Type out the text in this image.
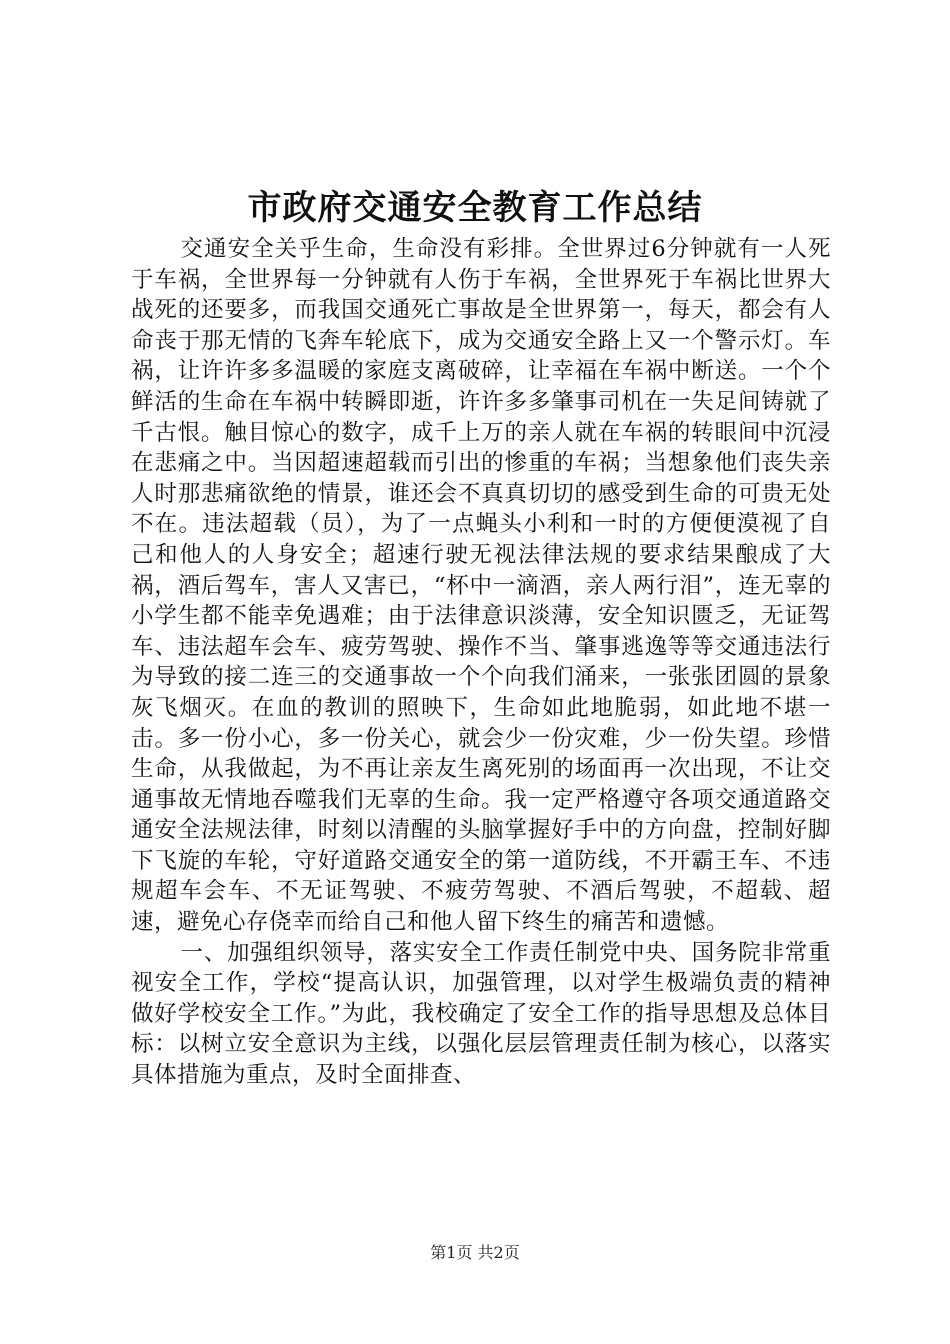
市政府交通安全教育工作总结

交通安全关乎生命，生命没有彩排。全世界过6分钟就有一人死于车祸，全世界每一分钟就有人伤于车祸，全世界死于车祸比世界大战死的还要多，而我国交通死亡事故是全世界第一，每天，都会有人命丧于那无情的飞奔车轮底下，成为交通安全路上又一个警示灯。车祸，让许许多多温暖的家庭支离破碎，让幸福在车祸中断送。一个个鲜活的生命在车祸中转瞬即逝，许许多多肇事司机在一失足间铸就了千古恨。触目惊心的数字，成千上万的亲人就在车祸的转眼间中沉浸在悲痛之中。当因超速超载而引出的惨重的车祸；当想象他们丧失亲人时那悲痛欲绝的情景，谁还会不真真切切的感受到生命的可贵无处不在。违法超载（员），为了一点蝇头小利和一时的方便便漠视了自己和他人的人身安全；超速行驶无视法律法规的要求结果酿成了大祸，酒后驾车，害人又害已，“杯中一滴酒，亲人两行泪”，连无辜的小学生都不能幸免遇难；由于法律意识淡薄，安全知识匮乏，无证驾车、违法超车会车、疲劳驾驶、操作不当、肇事逃逸等等交通违法行为导致的接二连三的交通事故一个个向我们涌来，一张张团圆的景象灰飞烟灭。在血的教训的照映下，生命如此地脆弱，如此地不堪一击。多一份小心，多一份关心，就会少一份灾难，少一份失望。珍惜生命，从我做起，为不再让亲友生离死别的场面再一次出现，不让交通事故无情地吞噬我们无辜的生命。我一定严格遵守各项交通道路交通安全法规法律，时刻以清醒的头脑掌握好手中的方向盘，控制好脚下飞旋的车轮，守好道路交通安全的第一道防线，不开霸王车、不违规超车会车、不无证驾驶、不疲劳驾驶、不酒后驾驶，不超载、超速，避免心存侥幸而给自己和他人留下终生的痛苦和遗憾。

一、加强组织领导，落实安全工作责任制党中央、国务院非常重视安全工作，学校“提高认识，加强管理，以对学生极端负责的精神做好学校安全工作。”为此，我校确定了安全工作的指导思想及总体目标：以树立安全意识为主线，以强化层层管理责任制为核心，以落实具体措施为重点，及时全面排查、

第1页 共2页
